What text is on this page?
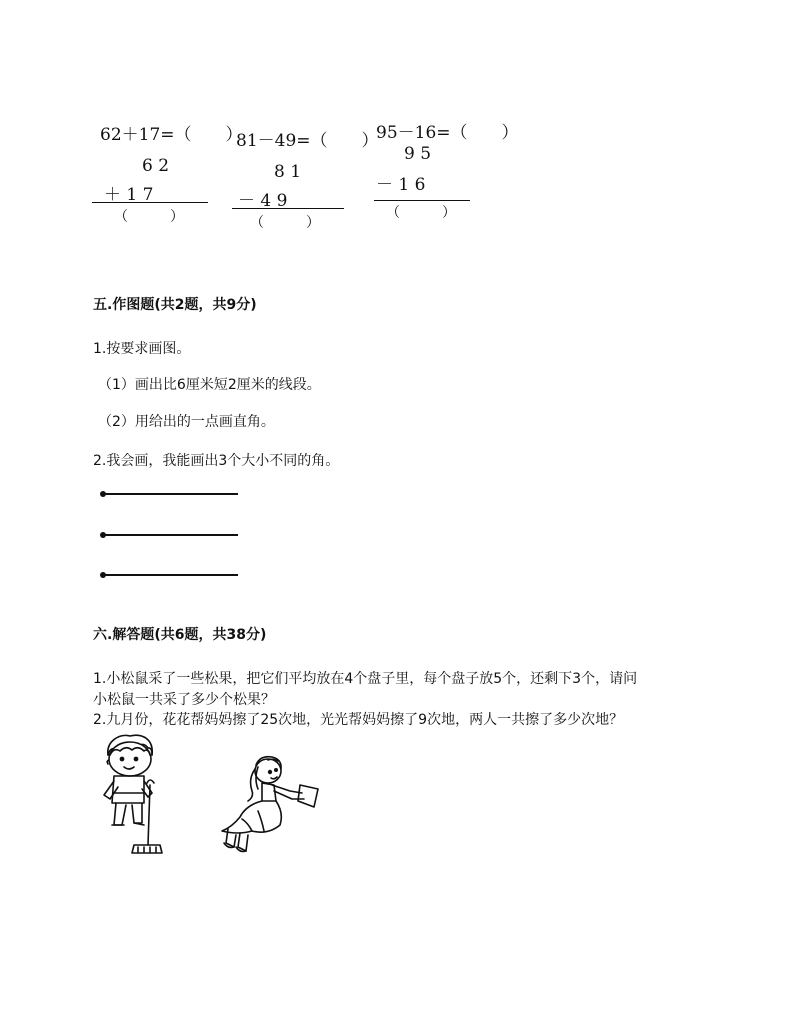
62＋17=（　　）
6 2
＋ 1 7
（　　　）
81－49=（　　）
8 1
－ 4 9
（　　　）
95－16=（　　）
9 5
－ 1 6
（　　　）
五.作图题(共2题，共9分)
1.按要求画图。
（1）画出比6厘米短2厘米的线段。
（2）用给出的一点画直角。
2.我会画，我能画出3个大小不同的角。
六.解答题(共6题，共38分)
1.小松鼠采了一些松果，把它们平均放在4个盘子里，每个盘子放5个，还剩下3个，请问
小松鼠一共采了多少个松果？
2.九月份，花花帮妈妈擦了25次地，光光帮妈妈擦了9次地，两人一共擦了多少次地？
